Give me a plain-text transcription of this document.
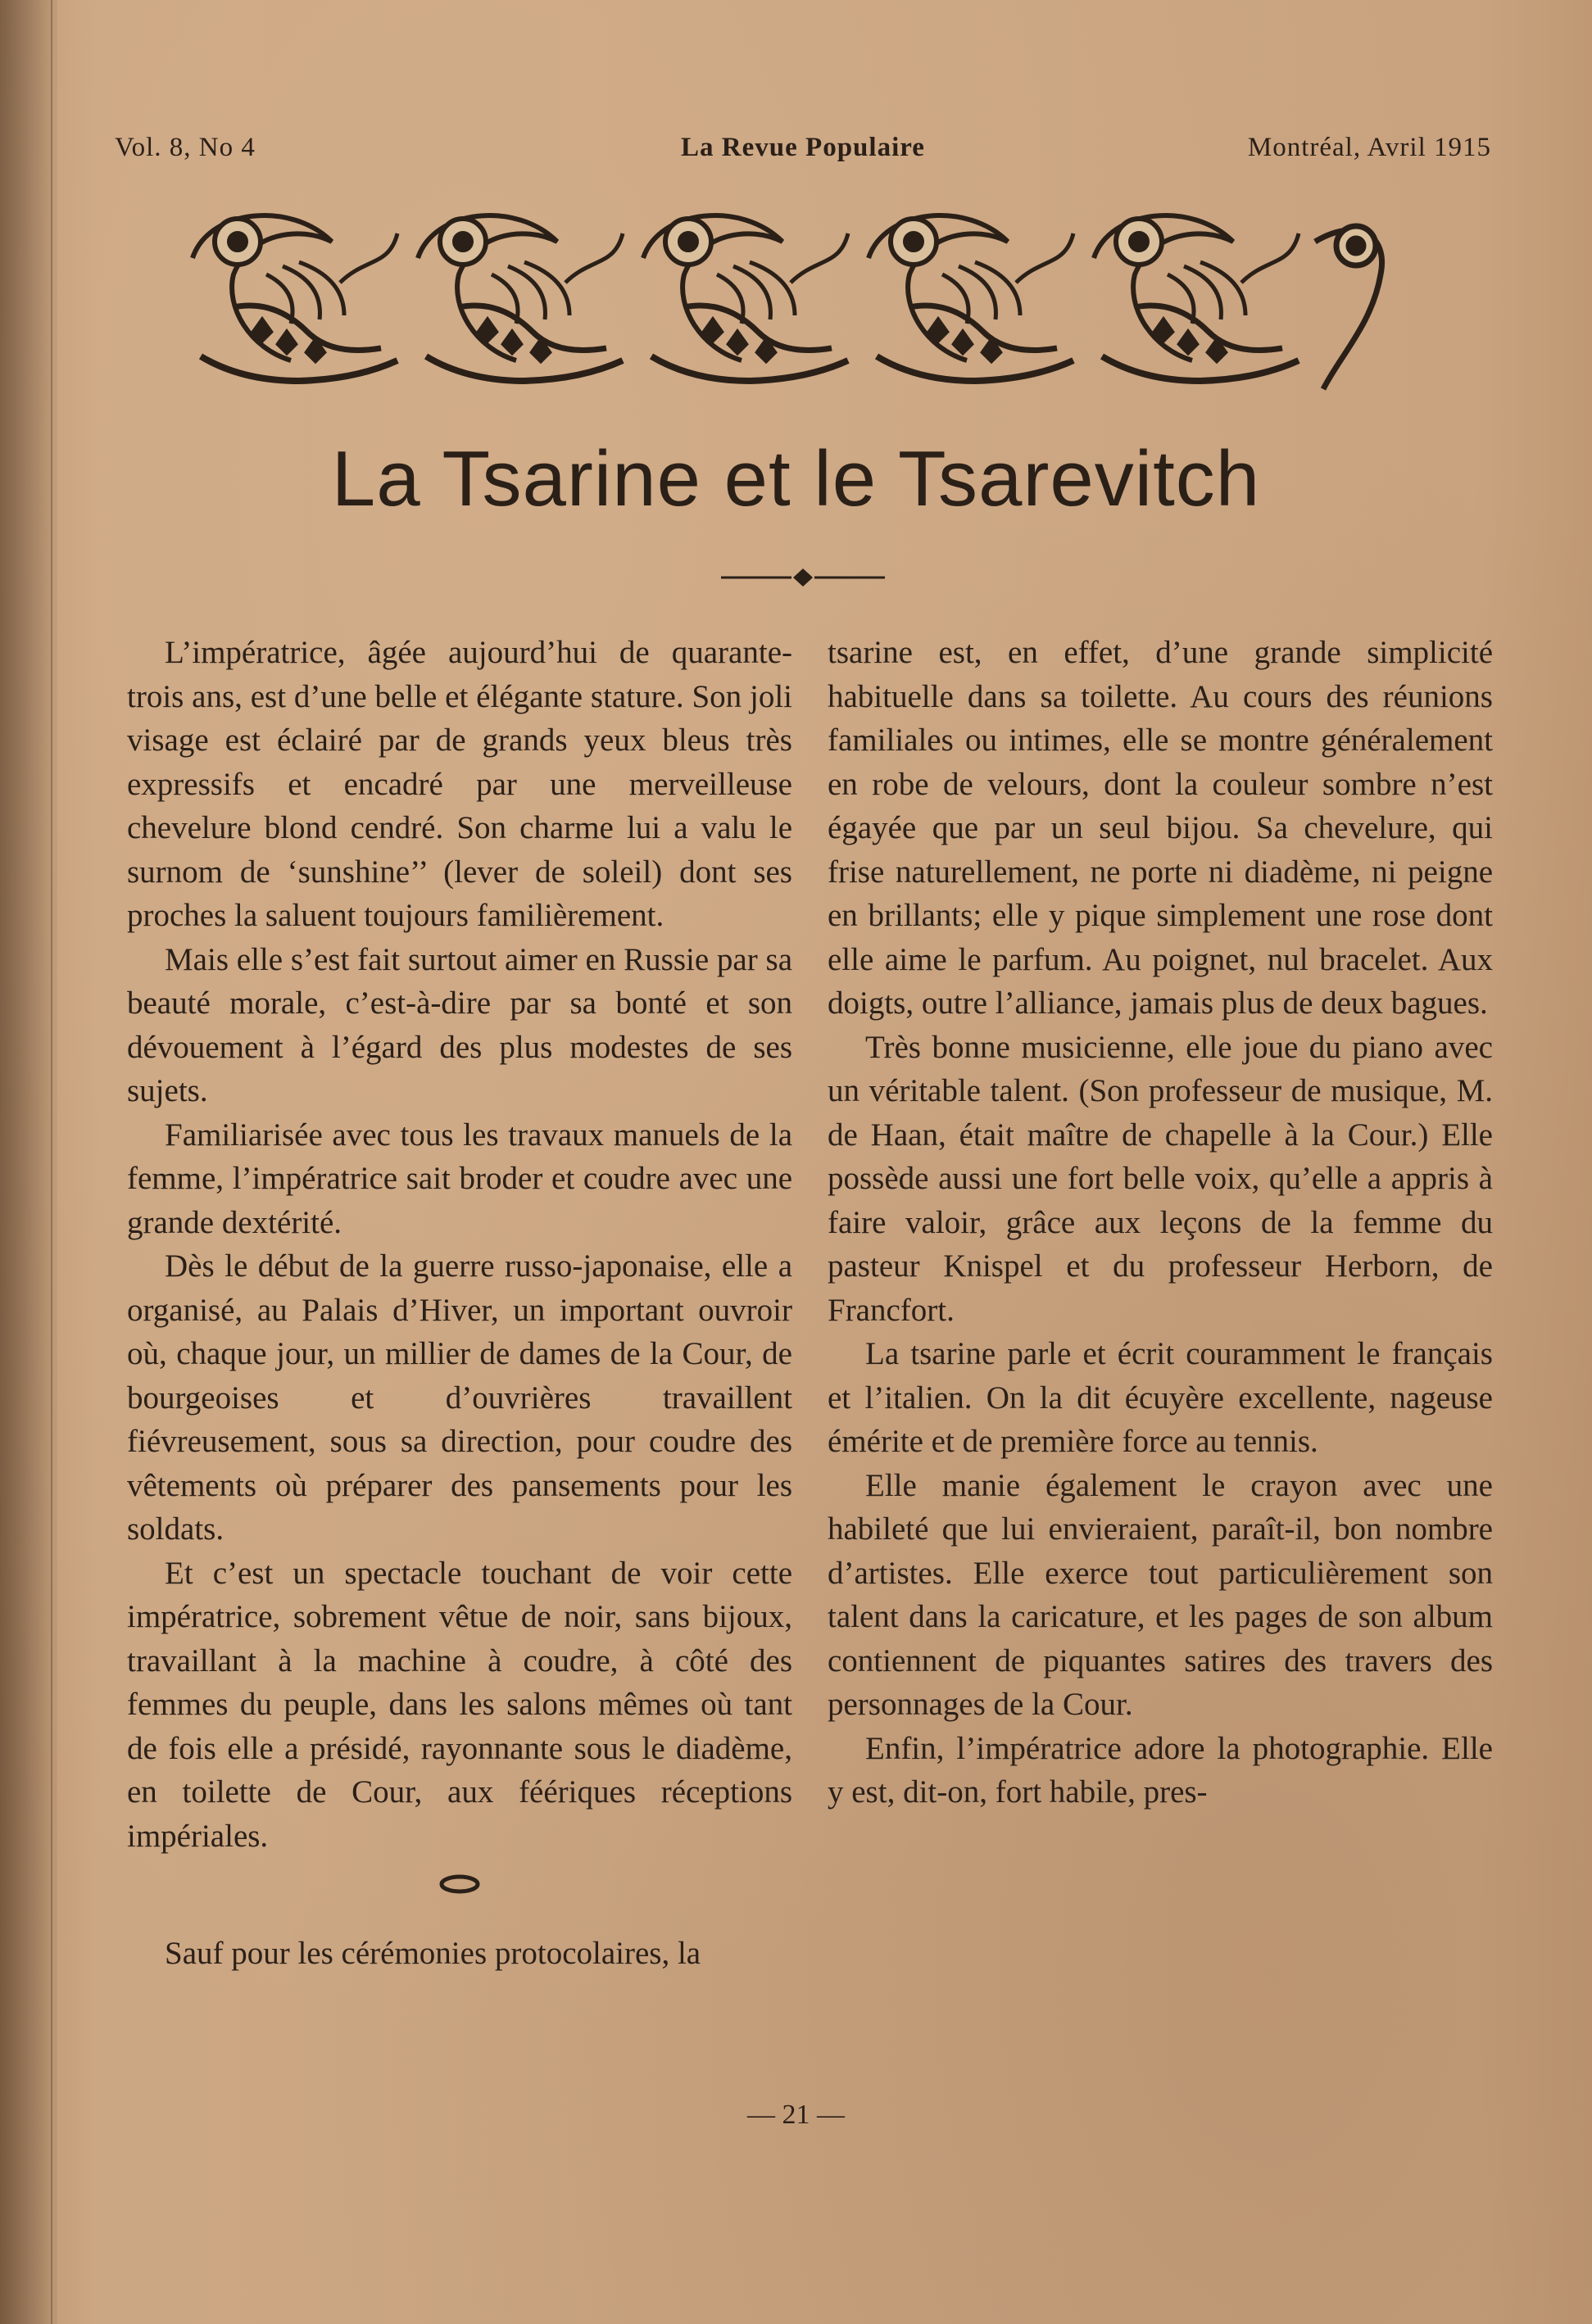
Vol. 8, No 4	La Revue Populaire	Montréal, Avril 1915
La Tsarine et le Tsarevitch

L’impératrice, âgée aujourd’hui de quarante-trois ans, est d’une belle et élégante stature. Son joli visage est éclairé par de grands yeux bleus très expressifs et encadré par une merveilleuse chevelure blond cendré. Son charme lui a valu le surnom de ‘sunshine’’ (lever de soleil) dont ses proches la saluent toujours familièrement.

Mais elle s’est fait surtout aimer en Russie par sa beauté morale, c’est-à-dire par sa bonté et son dévouement à l’égard des plus modestes de ses sujets.

Familiarisée avec tous les travaux manuels de la femme, l’impératrice sait broder et coudre avec une grande dextérité.

Dès le début de la guerre russo-japonaise, elle a organisé, au Palais d’Hiver, un important ouvroir où, chaque jour, un millier de dames de la Cour, de bourgeoises et d’ouvrières travaillent fiévreusement, sous sa direction, pour coudre des vêtements où préparer des pansements pour les soldats.

Et c’est un spectacle touchant de voir cette impératrice, sobrement vêtue de noir, sans bijoux, travaillant à la machine à coudre, à côté des femmes du peuple, dans les salons mêmes où tant de fois elle a présidé, rayonnante sous le diadème, en toilette de Cour, aux féériques réceptions impériales.

Sauf pour les cérémonies protocolaires, la

tsarine est, en effet, d’une grande simplicité habituelle dans sa toilette. Au cours des réunions familiales ou intimes, elle se montre généralement en robe de velours, dont la couleur sombre n’est égayée que par un seul bijou. Sa chevelure, qui frise naturellement, ne porte ni diadème, ni peigne en brillants; elle y pique simplement une rose dont elle aime le parfum. Au poignet, nul bracelet. Aux doigts, outre l’alliance, jamais plus de deux bagues.

Très bonne musicienne, elle joue du piano avec un véritable talent. (Son professeur de musique, M. de Haan, était maître de chapelle à la Cour.) Elle possède aussi une fort belle voix, qu’elle a appris à faire valoir, grâce aux leçons de la femme du pasteur Knispel et du professeur Herborn, de Francfort.

La tsarine parle et écrit couramment le français et l’italien. On la dit écuyère excellente, nageuse émérite et de première force au tennis.

Elle manie également le crayon avec une habileté que lui envieraient, paraît-il, bon nombre d’artistes. Elle exerce tout particulièrement son talent dans la caricature, et les pages de son album contiennent de piquantes satires des travers des personnages de la Cour.

Enfin, l’impératrice adore la photographie. Elle y est, dit-on, fort habile, pres-

— 21 —
